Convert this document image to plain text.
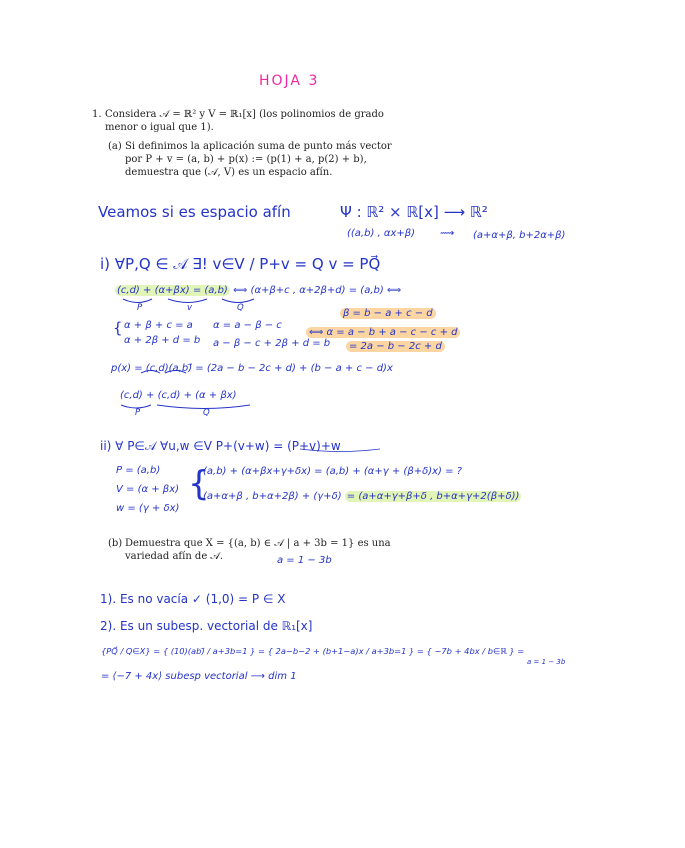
HOJA 3
1. Considera 𝒜 = ℝ² y V = ℝ₁[x] (los polinomios de grado menor o igual que 1).
(a) Si definimos la aplicación suma de punto más vector por P + v = (a, b) + p(x) := (p(1) + a, p(2) + b), demuestra que (𝒜, V) es un espacio afín.
Veamos si es espacio afín	Ψ : ℝ² × ℝ[x] ⟶ ℝ²
((a,b) , αx+β) ⟿ (a+α+β, b+2α+β)
i) ∀P,Q ∈ 𝒜 ∃! v∈V / P+v = Q v = PQ⃗
(c,d) + (α+βx) = (a,b) ⟺ (α+β+c , α+2β+d) = (a,b) ⟺
P	v	Q
{ α + β + c = a
α + 2β + d = b
α = a − β − c
a − β − c + 2β + d = b
β = b − a + c − d
⟺ α = a − b + a − c − c + d
= 2a − b − 2c + d
p(x) = (c,d)(a,b)⃗ = (2a − b − 2c + d) + (b − a + c − d)x
(c,d) + (c,d) + (α + βx)
P	Q
ii) ∀ P∈𝒜 ∀u,w ∈V P+(v+w) = (P+v)+w
P = (a,b)
V = (α + βx)
w = (γ + δx)
{
(a,b) + (α+βx+γ+δx) = (a,b) + (α+γ + (β+δ)x) = ?
(a+α+β , b+α+2β) + (γ+δ) = (a+α+γ+β+δ , b+α+γ+2(β+δ))
(b) Demuestra que X = {(a, b) ∈ 𝒜 | a + 3b = 1} es una variedad afín de 𝒜.	a = 1 − 3b
1). Es no vacía ✓ (1,0) = P ∈ X
2). Es un subesp. vectorial de ℝ₁[x]
{PQ⃗ / Q∈X} = { (10)(ab)⃗ / a+3b=1 } = { 2a−b−2 + (b+1−a)x / a+3b=1 } = { −7b + 4bx / b∈ℝ } =
a = 1 − 3b
= ⟨−7 + 4x⟩ subesp vectorial ⟶ dim 1
